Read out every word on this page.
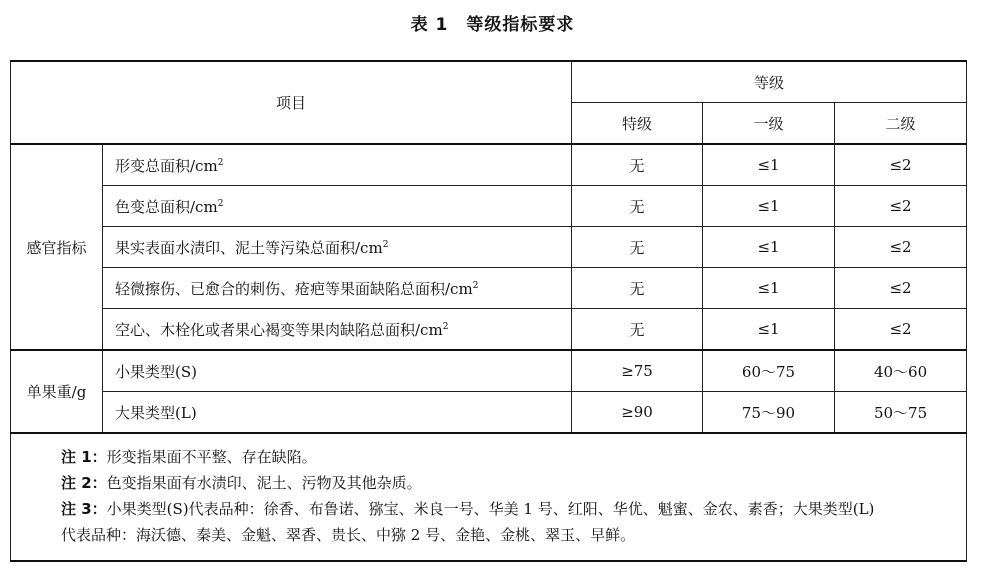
表 1 等级指标要求
项目		等级		
		特级	一级	二级
感官指标	形变总面积$/cm^2$	无	≤1	≤2
	色变总面积$/cm^2$	无	≤1	≤2
	果实表面水渍印、泥土等污染总面积$/cm^2$	无	≤1	≤2
	轻微擦伤、已愈合的刺伤、疮疤等果面缺陷总面积$/cm^2$	无	≤1	≤2
	空心、木栓化或者果心褐变等果肉缺陷总面积$/cm^2$	无	≤1	≤2
单果重/g	小果类型(S)	≥75	60～75	40～60
	大果类型(L)	≥90	75～90	50～75

注 1：形变指果面不平整、存在缺陷。
注 2：色变指果面有水渍印、泥土、污物及其他杂质。
注 3：小果类型(S)代表品种：徐香、布鲁诺、猕宝、米良一号、华美 1 号、红阳、华优、魁蜜、金农、素香；大果类型(L)
代表品种：海沃德、秦美、金魁、翠香、贵长、中猕 2 号、金艳、金桃、翠玉、早鲜。				
